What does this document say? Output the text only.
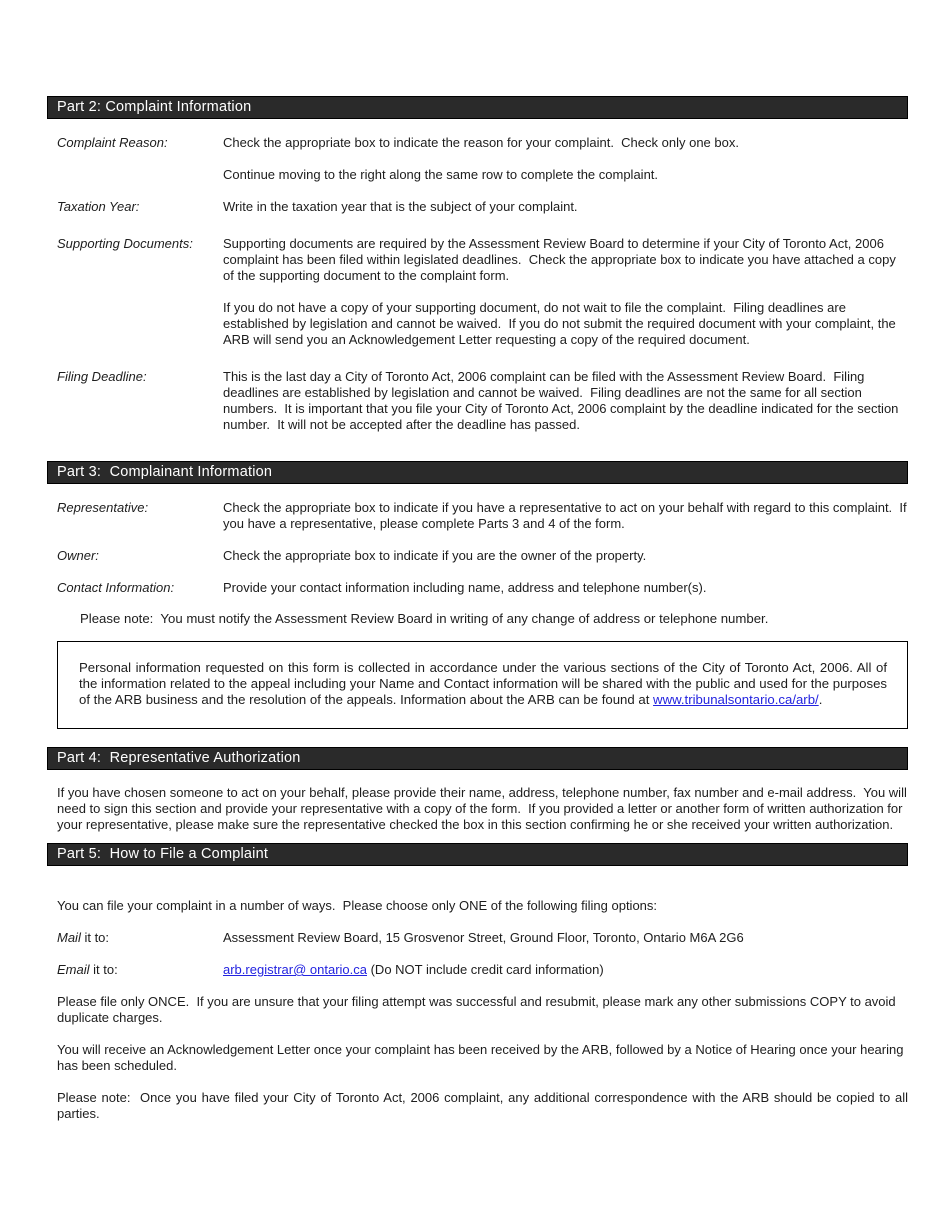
Part 2: Complaint Information
Complaint Reason:	Check the appropriate box to indicate the reason for your complaint.  Check only one box.

Continue moving to the right along the same row to complete the complaint.

Taxation Year:	Write in the taxation year that is the subject of your complaint.

Supporting Documents:	Supporting documents are required by the Assessment Review Board to determine if your City of Toronto Act, 2006 complaint has been filed within legislated deadlines.  Check the appropriate box to indicate you have attached a copy of the supporting document to the complaint form.

If you do not have a copy of your supporting document, do not wait to file the complaint.  Filing deadlines are established by legislation and cannot be waived.  If you do not submit the required document with your complaint, the ARB will send you an Acknowledgement Letter requesting a copy of the required document.

Filing Deadline:	This is the last day a City of Toronto Act, 2006 complaint can be filed with the Assessment Review Board.  Filing deadlines are established by legislation and cannot be waived.  Filing deadlines are not the same for all section numbers.  It is important that you file your City of Toronto Act, 2006 complaint by the deadline indicated for the section number.  It will not be accepted after the deadline has passed.

Part 3:  Complainant Information
Representative:	Check the appropriate box to indicate if you have a representative to act on your behalf with regard to this complaint.  If you have a representative, please complete Parts 3 and 4 of the form.

Owner:	Check the appropriate box to indicate if you are the owner of the property.

Contact Information:	Provide your contact information including name, address and telephone number(s).

Please note:  You must notify the Assessment Review Board in writing of any change of address or telephone number.

Personal information requested on this form is collected in accordance under the various sections of the City of Toronto Act, 2006. All of the information related to the appeal including your Name and Contact information will be shared with the public and used for the purposes of the ARB business and the resolution of the appeals. Information about the ARB can be found at www.tribunalsontario.ca/arb/.

Part 4:  Representative Authorization

If you have chosen someone to act on your behalf, please provide their name, address, telephone number, fax number and e-mail address.  You will need to sign this section and provide your representative with a copy of the form.  If you provided a letter or another form of written authorization for your representative, please make sure the representative checked the box in this section confirming he or she received your written authorization.

Part 5:  How to File a Complaint

You can file your complaint in a number of ways.  Please choose only ONE of the following filing options:

Mail it to:	Assessment Review Board, 15 Grosvenor Street, Ground Floor, Toronto, Ontario M6A 2G6

Email it to:	arb.registrar@ ontario.ca (Do NOT include credit card information)

Please file only ONCE.  If you are unsure that your filing attempt was successful and resubmit, please mark any other submissions COPY to avoid duplicate charges.

You will receive an Acknowledgement Letter once your complaint has been received by the ARB, followed by a Notice of Hearing once your hearing has been scheduled.

Please note:  Once you have filed your City of Toronto Act, 2006 complaint, any additional correspondence with the ARB should be copied to all parties.
